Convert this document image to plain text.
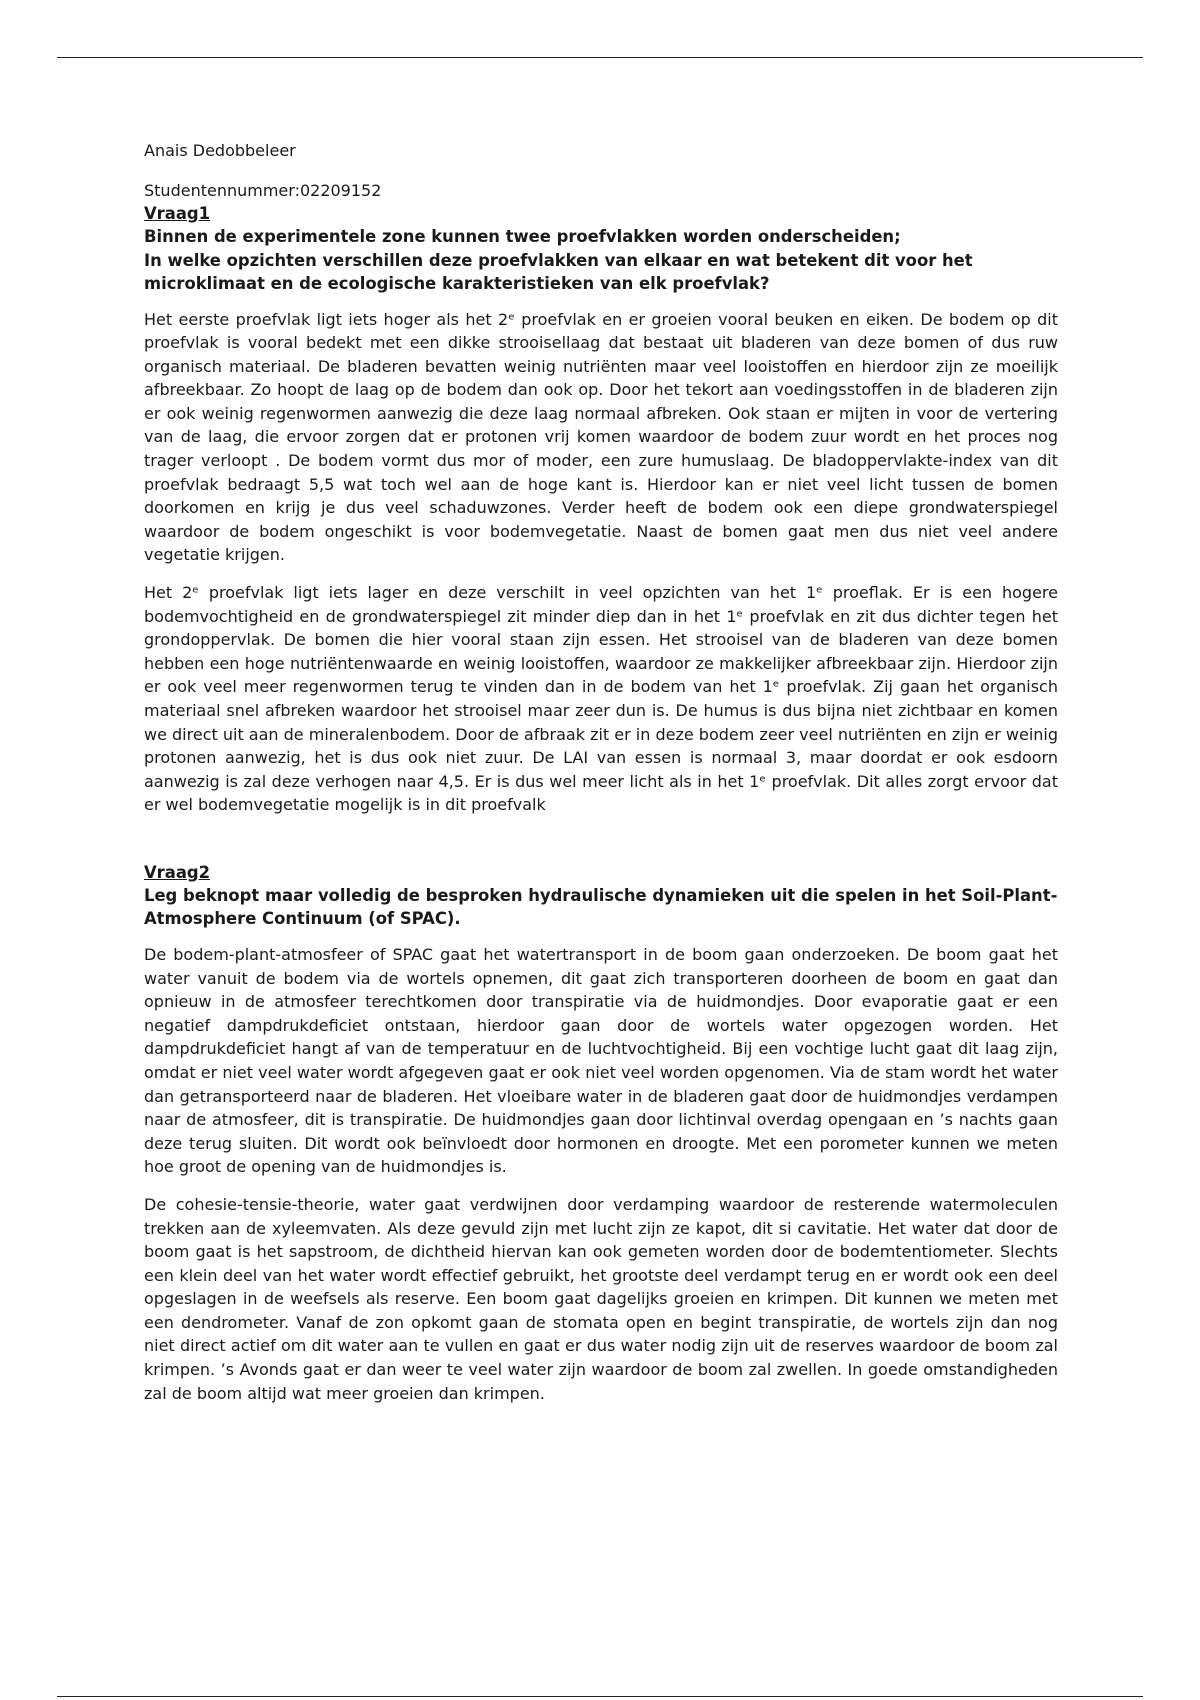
Anais Dedobbeleer

Studentennummer:02209152

Vraag1

Binnen de experimentele zone kunnen twee proefvlakken worden onderscheiden;
In welke opzichten verschillen deze proefvlakken van elkaar en wat betekent dit voor het microklimaat en de ecologische karakteristieken van elk proefvlak?

Het eerste proefvlak ligt iets hoger als het 2ᵉ proefvlak en er groeien vooral beuken en eiken. De bodem op dit proefvlak is vooral bedekt met een dikke strooisellaag dat bestaat uit bladeren van deze bomen of dus ruw organisch materiaal. De bladeren bevatten weinig nutriënten maar veel looistoffen en hierdoor zijn ze moeilijk afbreekbaar. Zo hoopt de laag op de bodem dan ook op. Door het tekort aan voedingsstoffen in de bladeren zijn er ook weinig regenwormen aanwezig die deze laag normaal afbreken. Ook staan er mijten in voor de vertering van de laag, die ervoor zorgen dat er protonen vrij komen waardoor de bodem zuur wordt en het proces nog trager verloopt . De bodem vormt dus mor of moder, een zure humuslaag. De bladoppervlakte-index van dit proefvlak bedraagt 5,5 wat toch wel aan de hoge kant is. Hierdoor kan er niet veel licht tussen de bomen doorkomen en krijg je dus veel schaduwzones. Verder heeft de bodem ook een diepe grondwaterspiegel waardoor de bodem ongeschikt is voor bodemvegetatie. Naast de bomen gaat men dus niet veel andere vegetatie krijgen.

Het 2ᵉ proefvlak ligt iets lager en deze verschilt in veel opzichten van het 1ᵉ proeflak. Er is een hogere bodemvochtigheid en de grondwaterspiegel zit minder diep dan in het 1ᵉ proefvlak en zit dus dichter tegen het grondoppervlak. De bomen die hier vooral staan zijn essen. Het strooisel van de bladeren van deze bomen hebben een hoge nutriëntenwaarde en weinig looistoffen, waardoor ze makkelijker afbreekbaar zijn. Hierdoor zijn er ook veel meer regenwormen terug te vinden dan in de bodem van het 1ᵉ proefvlak. Zij gaan het organisch materiaal snel afbreken waardoor het strooisel maar zeer dun is. De humus is dus bijna niet zichtbaar en komen we direct uit aan de mineralenbodem. Door de afbraak zit er in deze bodem zeer veel nutriënten en zijn er weinig protonen aanwezig, het is dus ook niet zuur. De LAI van essen is normaal 3, maar doordat er ook esdoorn aanwezig is zal deze verhogen naar 4,5. Er is dus wel meer licht als in het 1ᵉ proefvlak. Dit alles zorgt ervoor dat er wel bodemvegetatie mogelijk is in dit proefvalk

Vraag2

Leg beknopt maar volledig de besproken hydraulische dynamieken uit die spelen in het Soil-Plant-
Atmosphere Continuum (of SPAC).

De bodem-plant-atmosfeer of SPAC gaat het watertransport in de boom gaan onderzoeken. De boom gaat het water vanuit de bodem via de wortels opnemen, dit gaat zich transporteren doorheen de boom en gaat dan opnieuw in de atmosfeer terechtkomen door transpiratie via de huidmondjes. Door evaporatie gaat er een negatief dampdrukdeficiet ontstaan, hierdoor gaan door de wortels water opgezogen worden. Het dampdrukdeficiet hangt af van de temperatuur en de luchtvochtigheid. Bij een vochtige lucht gaat dit laag zijn, omdat er niet veel water wordt afgegeven gaat er ook niet veel worden opgenomen. Via de stam wordt het water dan getransporteerd naar de bladeren. Het vloeibare water in de bladeren gaat door de huidmondjes verdampen naar de atmosfeer, dit is transpiratie. De huidmondjes gaan door lichtinval overdag opengaan en ’s nachts gaan deze terug sluiten. Dit wordt ook beïnvloedt door hormonen en droogte. Met een porometer kunnen we meten hoe groot de opening van de huidmondjes is.

De cohesie-tensie-theorie, water gaat verdwijnen door verdamping waardoor de resterende watermoleculen trekken aan de xyleemvaten. Als deze gevuld zijn met lucht zijn ze kapot, dit si cavitatie. Het water dat door de boom gaat is het sapstroom, de dichtheid hiervan kan ook gemeten worden door de bodemtentiometer. Slechts een klein deel van het water wordt effectief gebruikt, het grootste deel verdampt terug en er wordt ook een deel opgeslagen in de weefsels als reserve. Een boom gaat dagelijks groeien en krimpen. Dit kunnen we meten met een dendrometer. Vanaf de zon opkomt gaan de stomata open en begint transpiratie, de wortels zijn dan nog niet direct actief om dit water aan te vullen en gaat er dus water nodig zijn uit de reserves waardoor de boom zal krimpen. ’s Avonds gaat er dan weer te veel water zijn waardoor de boom zal zwellen. In goede omstandigheden zal de boom altijd wat meer groeien dan krimpen.
